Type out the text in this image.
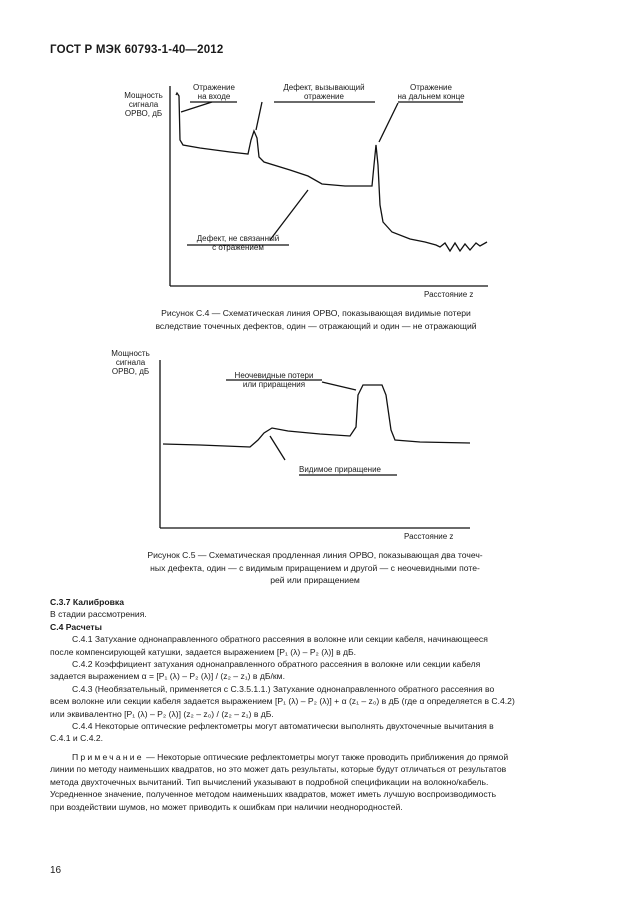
ГОСТ Р МЭК 60793-1-40—2012
Мощность
сигнала
ОРВО, дБ
Отражение
на входе
Дефект, вызывающий
отражение
Отражение
на дальнем конце
Дефект, не связанный
с отражением
Расстояние z
Рисунок С.4 — Схематическая линия ОРВО, показывающая видимые потери
вследствие точечных дефектов, один — отражающий и один — не отражающий
Мощность
сигнала
ОРВО, дБ	Неочевидные потери
или приращения
Видимое приращение
Расстояние z
Рисунок С.5 — Схематическая продленная линия ОРВО, показывающая два точеч-
ных дефекта, один — с видимым приращением и другой — с неочевидными поте-
рей или приращением

С.3.7 Калибровка

В стадии рассмотрения.

С.4 Расчеты

С.4.1 Затухание однонаправленного обратного рассеяния в волокне или секции кабеля, начинающееся

после компенсирующей катушки, задается выражением [P₁ (λ) – P₂ (λ)] в дБ.

С.4.2 Коэффициент затухания однонаправленного обратного рассеяния в волокне или секции кабеля

задается выражением α = [P₁ (λ) – P₂ (λ)] / (z₂ – z₁) в дБ/км.

С.4.3 (Необязательный, применяется с С.3.5.1.1.) Затухание однонаправленного обратного рассеяния во

всем волокне или секции кабеля задается выражением [P₁ (λ) – P₂ (λ)] + α (z₁ – z₀) в дБ (где α определяется в С.4.2)

или эквивалентно [P₁ (λ) – P₂ (λ)] (z₂ – z₀) / (z₂ – z₁) в дБ.

С.4.4 Некоторые оптические рефлектометры могут автоматически выполнять двухточечные вычитания в

С.4.1 и С.4.2.

Примечание — Некоторые оптические рефлектометры могут также проводить приближения до прямой

линии по методу наименьших квадратов, но это может дать результаты, которые будут отличаться от результатов

метода двухточечных вычитаний. Тип вычислений указывают в подробной спецификации на волокно/кабель.

Усредненное значение, полученное методом наименьших квадратов, может иметь лучшую воспроизводимость

при воздействии шумов, но может приводить к ошибкам при наличии неоднородностей.

16
